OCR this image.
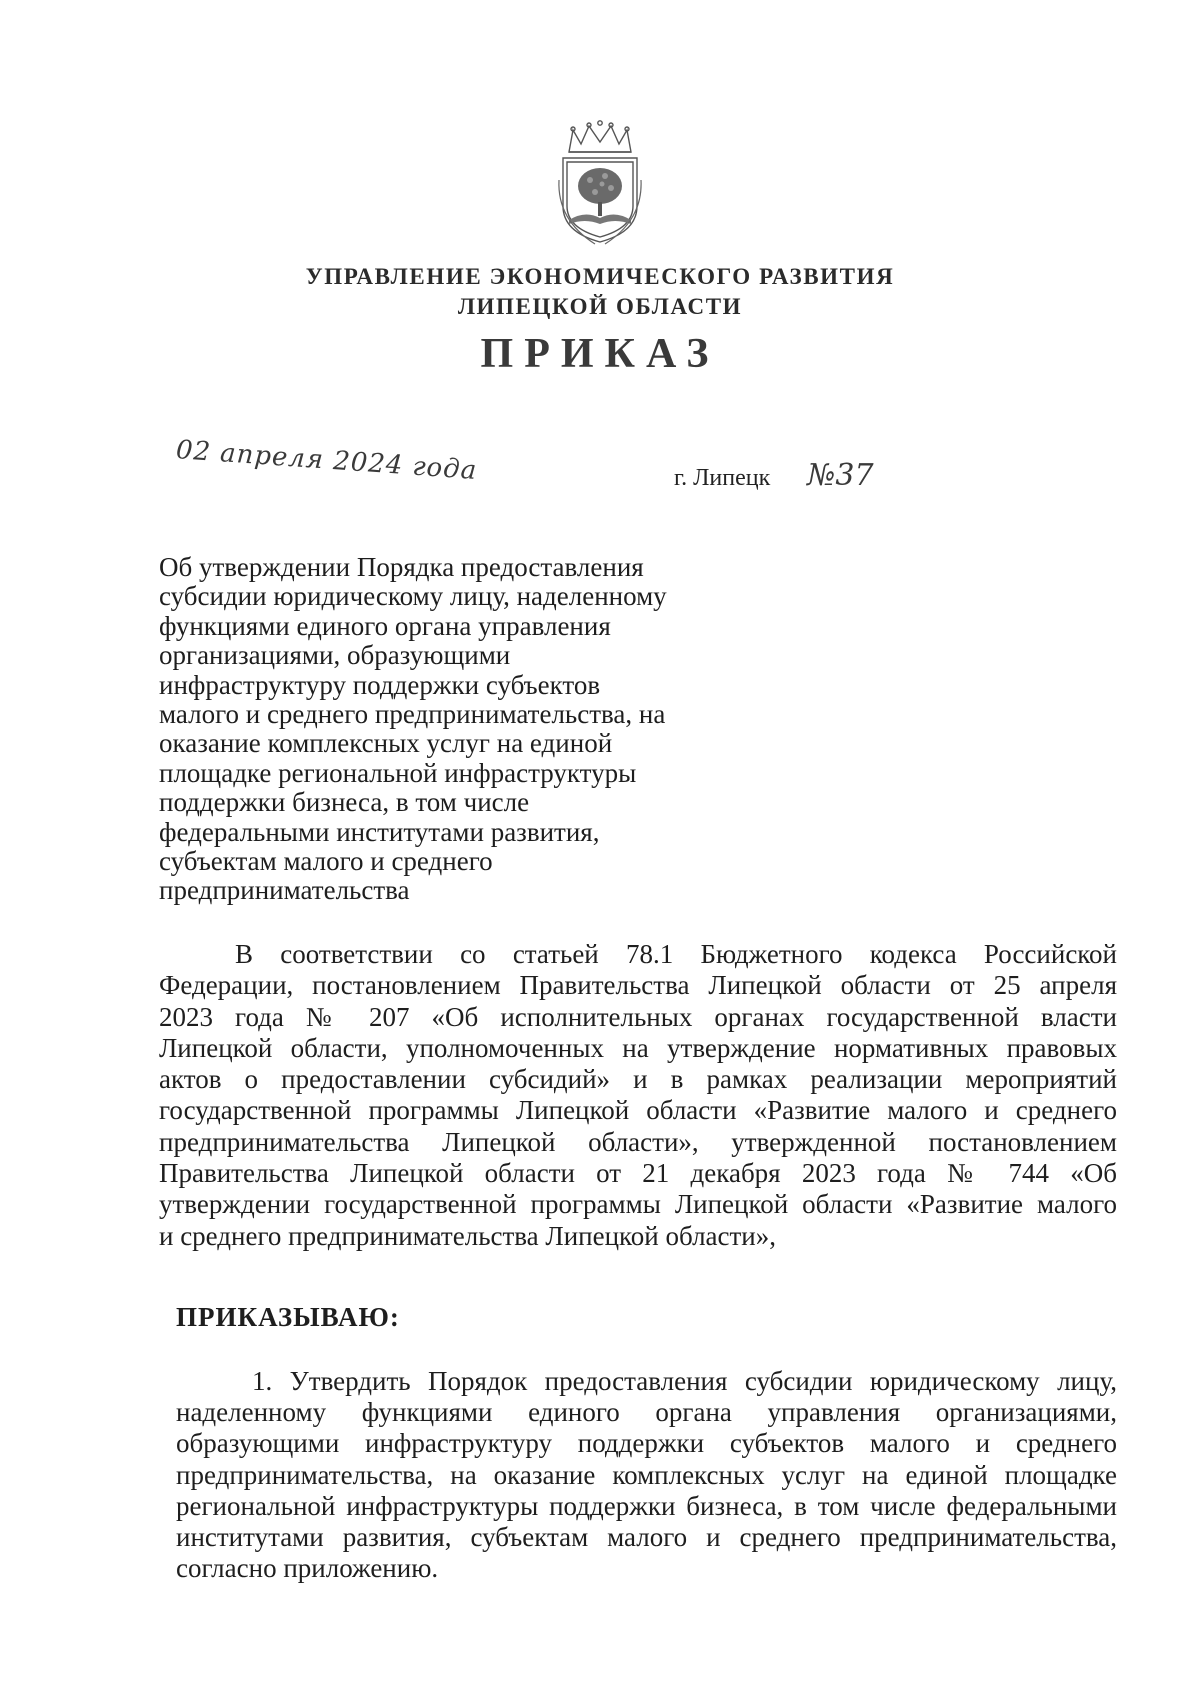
УПРАВЛЕНИЕ ЭКОНОМИЧЕСКОГО РАЗВИТИЯ
ЛИПЕЦКОЙ ОБЛАСТИ
ПРИКАЗ
02 апреля 2024 года	г. Липецк №37
Об утверждении Порядка предоставления
субсидии юридическому лицу, наделенному
функциями единого органа управления
организациями, образующими
инфраструктуру поддержки субъектов
малого и среднего предпринимательства, на
оказание комплексных услуг на единой
площадке региональной инфраструктуры
поддержки бизнеса, в том числе
федеральными институтами развития,
субъектам малого и среднего
предпринимательства
В соответствии со статьей 78.1 Бюджетного кодекса Российской
Федерации, постановлением Правительства Липецкой области от 25 апреля
2023 года № 207 «Об исполнительных органах государственной власти
Липецкой области, уполномоченных на утверждение нормативных правовых
актов о предоставлении субсидий» и в рамках реализации мероприятий
государственной программы Липецкой области «Развитие малого и среднего
предпринимательства Липецкой области», утвержденной постановлением
Правительства Липецкой области от 21 декабря 2023 года № 744 «Об
утверждении государственной программы Липецкой области «Развитие малого
и среднего предпринимательства Липецкой области»,
ПРИКАЗЫВАЮ:
1. Утвердить Порядок предоставления субсидии юридическому лицу,
наделенному функциями единого органа управления организациями,
образующими инфраструктуру поддержки субъектов малого и среднего
предпринимательства, на оказание комплексных услуг на единой площадке
региональной инфраструктуры поддержки бизнеса, в том числе федеральными
институтами развития, субъектам малого и среднего предпринимательства,
согласно приложению.
